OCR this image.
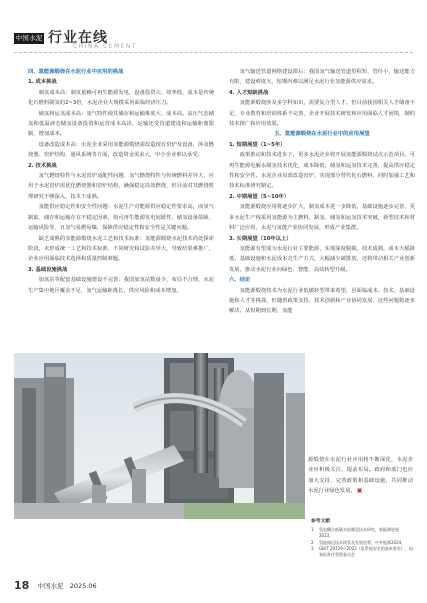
中国水泥 行业在线
CHINA CEMENT

四、氢能源煅烧在水泥行业中应用的挑战

1. 成本挑战

制氢成本高：制氢依赖可再生能源发电，设备投资大、效率低，成本是传统化石燃料制氢的2~3倍，水泥企业大规模采用面临经济压力。

储氢和运氢成本高：氢气特性使其储存和运输难度大、成本高。高压气态储氢和低温液态储氢设备投资和运营成本高昂，运输还受管道建设和运输距离限制，增加成本。

设备改造成本高：水泥企业采用氢能源煅烧需改造现有窑炉及设备，涉及燃烧器、窑炉结构、通风系统等方面，改造资金需求大，中小企业难以承受。

2. 技术挑战

氢气燃烧特性与水泥窑炉适配性问题：氢气燃烧特性与传统燃料差异大，应用于水泥窑炉需优化燃烧器和窑炉结构，确保稳定高效燃烧，但目前对其燃烧机理研究不够深入，技术不成熟。

氢能供应稳定性和安全性问题：水泥生产对能源供应稳定性要求高，而氢气制取、储存和运输存在不稳定因素，如可再生能源发电间歇性、储氢设备故障、运输风险等，且氢气易燃易爆，保障供应稳定性和安全性是关键问题。

缺乏成熟的氢能源煅烧水泥工艺和技术标准：氢能源煅烧水泥技术尚处探索阶段，未形成统一工艺和技术标准，不同研究和试验差异大，导致结果难推广，企业应用面临技术选择和质量控制难题。

3. 基础设施挑战

加氢站等配套基础设施建设不完善：我国加氢站数量少，布局不合理，水泥生产集中地区覆盖不足，氢气运输距离长，供应风险和成本增加。

氢气输送管道网络建设滞后：我国氢气输送管道里程短、管径小、输送能力有限，建设难度大，短期内难以满足水泥行业氢能源供应需求。

4. 人才短缺挑战

氢能源煅烧涉及多学科知识，需要复合型人才。但目前我国相关人才储备不足，专业教育和培训体系不完善，企业开展技术研发和应用面临人才困境，制约技术推广和应用效果。

五、氢能源煅烧在水泥行业中的应用展望

1. 短期展望（1~5年）

政策推动和技术进步下，更多水泥企业将开展氢能源煅烧试点示范项目。可再生能源电解水制氢技术优化，成本降低；储氢和运氢技术完善，提高供应稳定性和安全性。水泥企业局部改造窑炉，实现部分替代化石燃料，同时加强工艺和技术标准研究制定。

2. 中期展望（5~10年）

氢能源煅烧应用将逐步扩大，制氢成本进一步降低，基础设施逐步完善，更多水泥生产线采用氢能源为主燃料，制氢、储氢和运氢技术突破，新型技术和材料广泛应用，水泥与氢能产业协同发展，形成产业集群。

3. 长期展望（10年以上）

氢能源有望成为水泥行业主要能源，实现深度脱碳。技术成熟，成本大幅降低，基础设施和水泥成本竞生产方式，大幅减少碳排放。还将带动相关产业创新发展，推动水泥行业向绿色、智能、高效转型升级。

六、结论

氢能源煅烧技术为水泥行业低碳转型带来希望，虽面临成本、技术、基础设施和人才等挑战，但随着政策支持、技术创新和产业协同发展，这些问题将逐步解决。从短期到长期，氢能

源煅烧在水泥行业应用将不断深化，水泥企业应积极关注，提前布局。政府和部门也应加大支持，完善政策和基础设施，共同推动水泥行业绿色发展。▣

参考文献
1	氢电耦合低碳水泥制氢技术研究，新能源进展2023。
2	氢能储运技术现状及发展趋势，中外能源2024。
3	GB/T 29729—2022《氢系统安全的基本要求》，国家标准化管理委员会
18 中国水泥 2025.06
